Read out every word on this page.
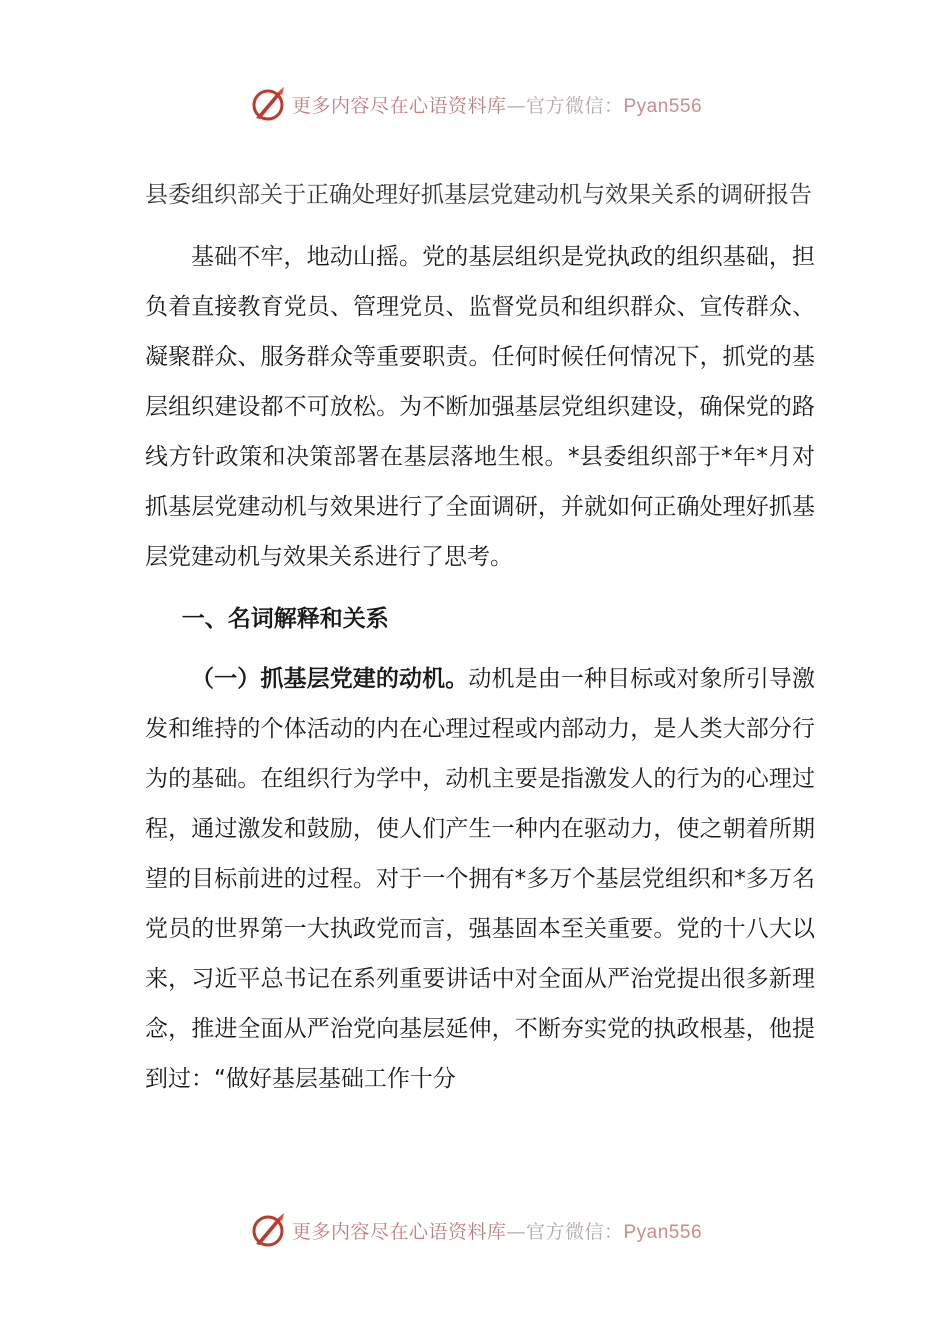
更多内容尽在心语资料库—官方微信：Pyan556

县委组织部关于正确处理好抓基层党建动机与效果关系的调研报告

基础不牢，地动山摇。党的基层组织是党执政的组织基础，担负着直接教育党员、管理党员、监督党员和组织群众、宣传群众、凝聚群众、服务群众等重要职责。任何时候任何情况下，抓党的基层组织建设都不可放松。为不断加强基层党组织建设，确保党的路线方针政策和决策部署在基层落地生根。*县委组织部于*年*月对抓基层党建动机与效果进行了全面调研，并就如何正确处理好抓基层党建动机与效果关系进行了思考。

一、名词解释和关系

（一）抓基层党建的动机。动机是由一种目标或对象所引导激发和维持的个体活动的内在心理过程或内部动力，是人类大部分行为的基础。在组织行为学中，动机主要是指激发人的行为的心理过程，通过激发和鼓励，使人们产生一种内在驱动力，使之朝着所期望的目标前进的过程。对于一个拥有*多万个基层党组织和*多万名党员的世界第一大执政党而言，强基固本至关重要。党的十八大以来，习近平总书记在系列重要讲话中对全面从严治党提出很多新理念，推进全面从严治党向基层延伸，不断夯实党的执政根基，他提到过：“做好基层基础工作十分

更多内容尽在心语资料库—官方微信：Pyan556
